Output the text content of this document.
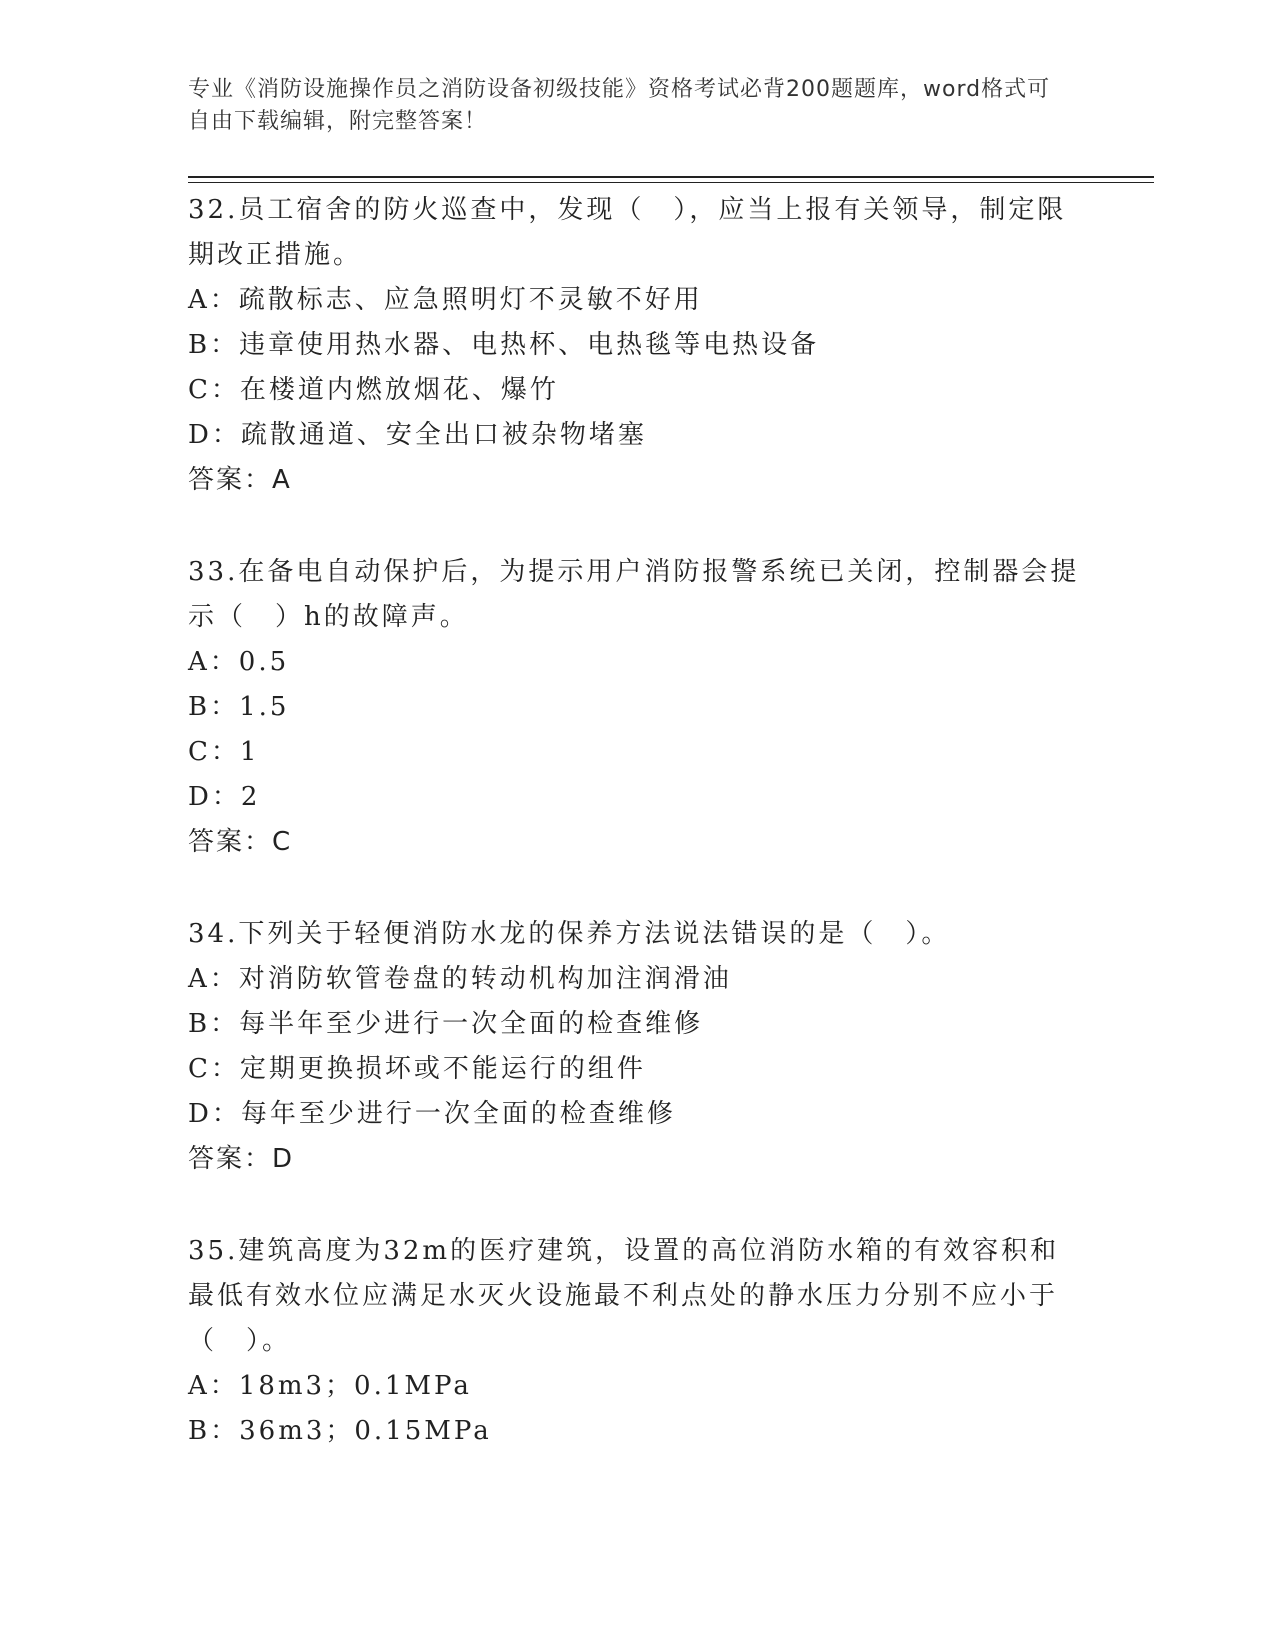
专业《消防设施操作员之消防设备初级技能》资格考试必背200题题库，word格式可自由下载编辑，附完整答案！

32.员工宿舍的防火巡查中，发现（　），应当上报有关领导，制定限期改正措施。

A：疏散标志、应急照明灯不灵敏不好用

B：违章使用热水器、电热杯、电热毯等电热设备

C：在楼道内燃放烟花、爆竹

D：疏散通道、安全出口被杂物堵塞

答案：A

33.在备电自动保护后，为提示用户消防报警系统已关闭，控制器会提示（　）h的故障声。

A：0.5

B：1.5

C：1

D：2

答案：C

34.下列关于轻便消防水龙的保养方法说法错误的是（　）。

A：对消防软管卷盘的转动机构加注润滑油

B：每半年至少进行一次全面的检查维修

C：定期更换损坏或不能运行的组件

D：每年至少进行一次全面的检查维修

答案：D

35.建筑高度为32m的医疗建筑，设置的高位消防水箱的有效容积和最低有效水位应满足水灭火设施最不利点处的静水压力分别不应小于（　）。

A：18m3；0.1MPa

B：36m3；0.15MPa
